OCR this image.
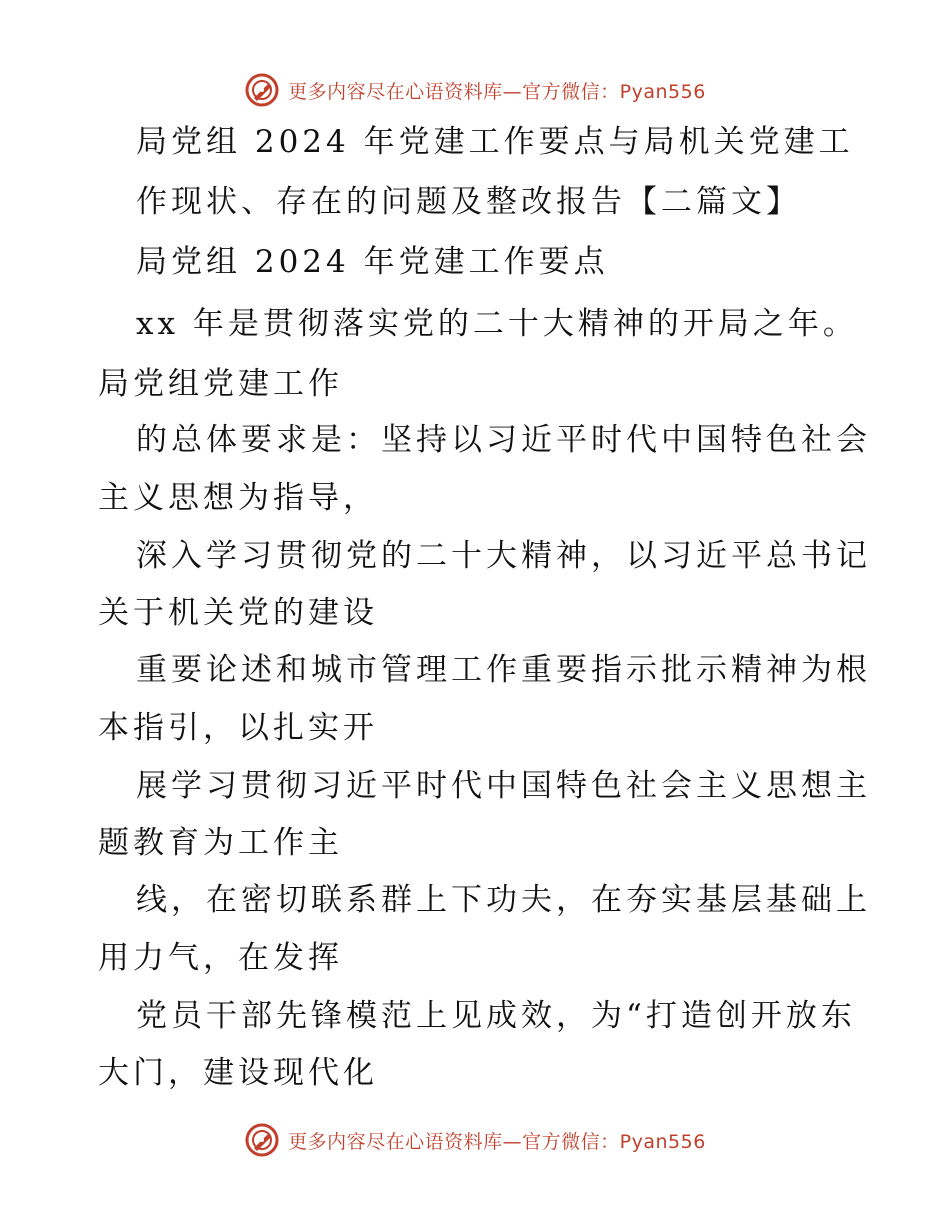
更多内容尽在心语资料库—官方微信：Pyan556
局党组 2024 年党建工作要点与局机关党建工
作现状、存在的问题及整改报告【二篇文】
局党组 2024 年党建工作要点
xx 年是贯彻落实党的二十大精神的开局之年。
局党组党建工作
的总体要求是：坚持以习近平时代中国特色社会
主义思想为指导，
深入学习贯彻党的二十大精神，以习近平总书记
关于机关党的建设
重要论述和城市管理工作重要指示批示精神为根
本指引，以扎实开
展学习贯彻习近平时代中国特色社会主义思想主
题教育为工作主
线，在密切联系群上下功夫，在夯实基层基础上
用力气，在发挥
党员干部先锋模范上见成效，为“打造创开放东
大门，建设现代化
更多内容尽在心语资料库—官方微信：Pyan556
